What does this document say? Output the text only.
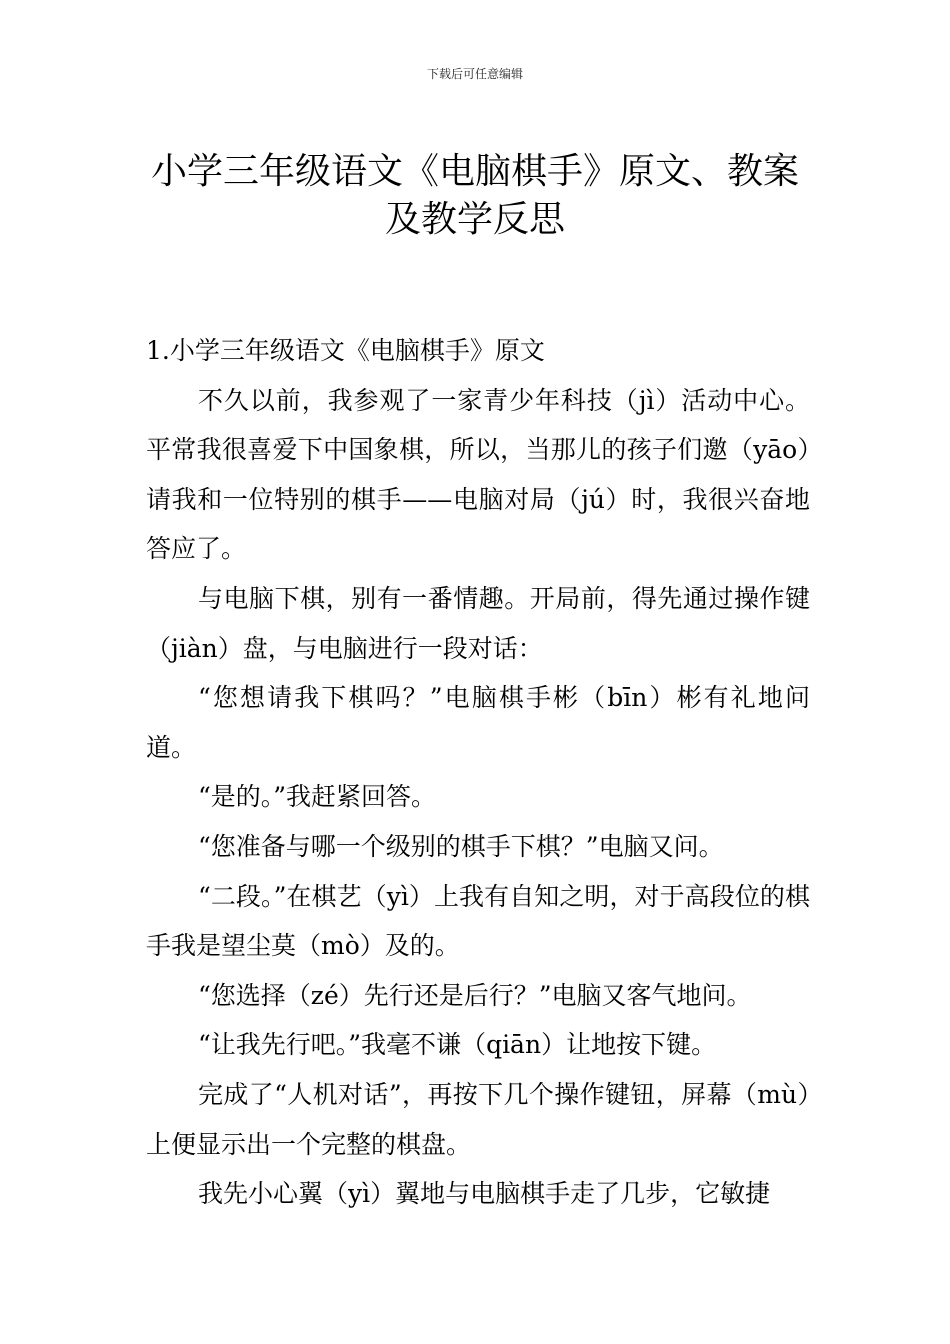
下载后可任意编辑
小学三年级语文《电脑棋手》原文、教案
及教学反思

1.小学三年级语文《电脑棋手》原文

不久以前，我参观了一家青少年科技（jì）活动中心。平常我很喜爱下中国象棋，所以，当那儿的孩子们邀（yāo）请我和一位特别的棋手——电脑对局（jú）时，我很兴奋地答应了。

与电脑下棋，别有一番情趣。开局前，得先通过操作键（jiàn）盘，与电脑进行一段对话：

“您想请我下棋吗？”电脑棋手彬（bīn）彬有礼地问道。

“是的。”我赶紧回答。

“您准备与哪一个级别的棋手下棋？”电脑又问。

“二段。”在棋艺（yì）上我有自知之明，对于高段位的棋手我是望尘莫（mò）及的。

“您选择（zé）先行还是后行？”电脑又客气地问。

“让我先行吧。”我毫不谦（qiān）让地按下键。

完成了“人机对话”，再按下几个操作键钮，屏幕（mù）上便显示出一个完整的棋盘。

我先小心翼（yì）翼地与电脑棋手走了几步，它敏捷
